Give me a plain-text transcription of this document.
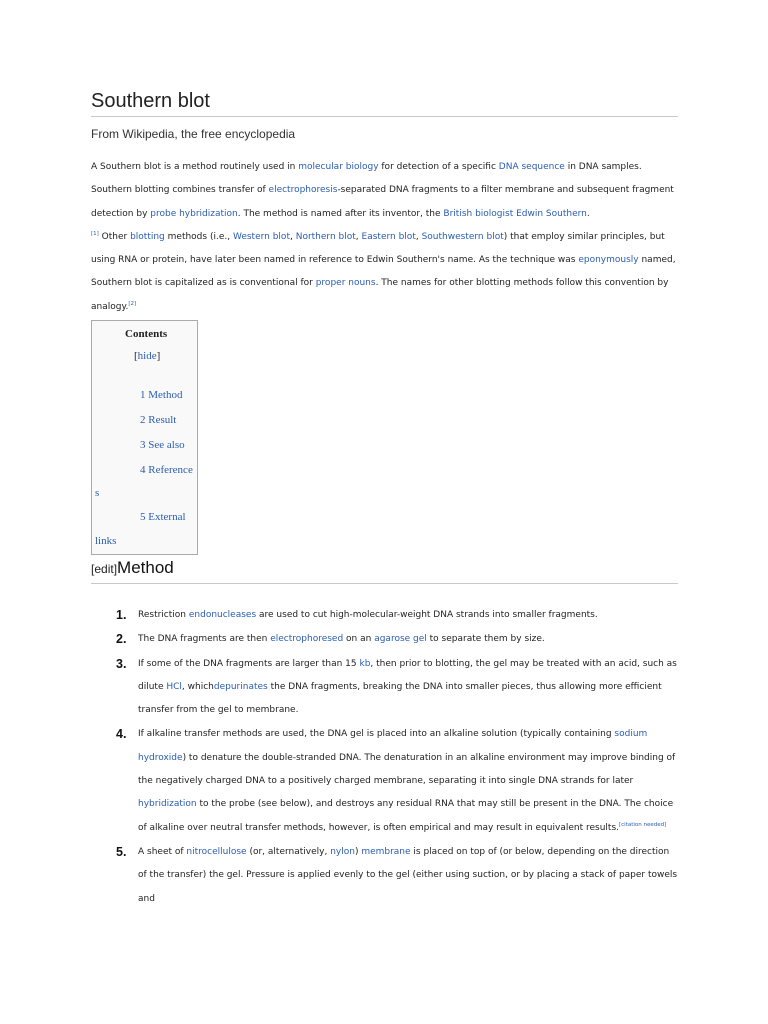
Southern blot
From Wikipedia, the free encyclopedia
A Southern blot is a method routinely used in molecular biology for detection of a specific DNA sequence in DNA samples. Southern blotting combines transfer of electrophoresis-separated DNA fragments to a filter membrane and subsequent fragment detection by probe hybridization. The method is named after its inventor, the British biologist Edwin Southern.
[1] Other blotting methods (i.e., Western blot, Northern blot, Eastern blot, Southwestern blot) that employ similar principles, but using RNA or protein, have later been named in reference to Edwin Southern's name. As the technique was eponymously named, Southern blot is capitalized as is conventional for proper nouns. The names for other blotting methods follow this convention by analogy.[2]
Contents
[hide]
1 Method
2 Result
3 See also
4 Reference
s
5 External
links
[edit]Method
1. Restriction endonucleases are used to cut high-molecular-weight DNA strands into smaller fragments.
2. The DNA fragments are then electrophoresed on an agarose gel to separate them by size.
3. If some of the DNA fragments are larger than 15 kb, then prior to blotting, the gel may be treated with an acid, such as dilute HCl, whichdepurinates the DNA fragments, breaking the DNA into smaller pieces, thus allowing more efficient transfer from the gel to membrane.
4. If alkaline transfer methods are used, the DNA gel is placed into an alkaline solution (typically containing sodium hydroxide) to denature the double-stranded DNA. The denaturation in an alkaline environment may improve binding of the negatively charged DNA to a positively charged membrane, separating it into single DNA strands for later hybridization to the probe (see below), and destroys any residual RNA that may still be present in the DNA. The choice of alkaline over neutral transfer methods, however, is often empirical and may result in equivalent results.[citation needed]
5. A sheet of nitrocellulose (or, alternatively, nylon) membrane is placed on top of (or below, depending on the direction of the transfer) the gel. Pressure is applied evenly to the gel (either using suction, or by placing a stack of paper towels and
